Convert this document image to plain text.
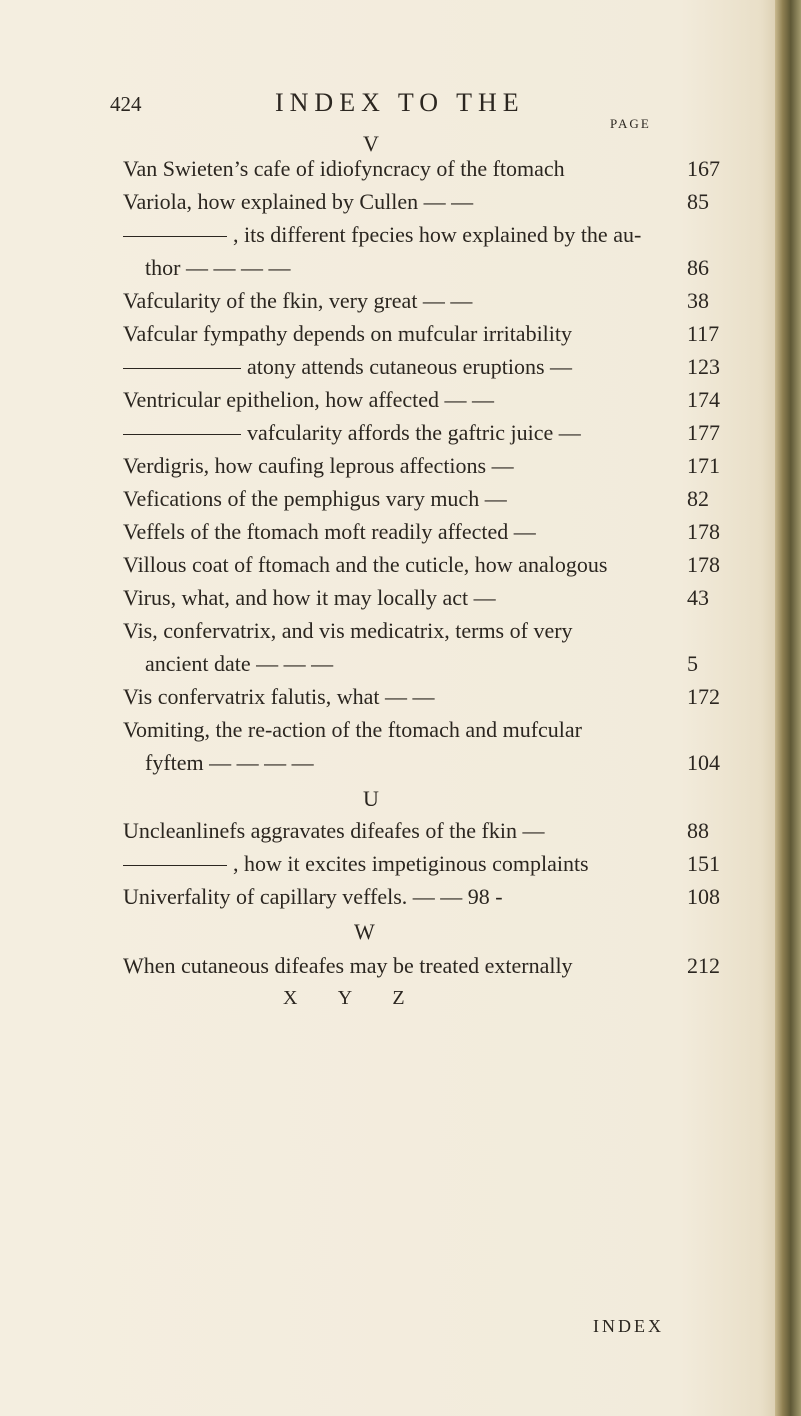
424	INDEX TO THE
PAGE
V
Van Swieten’s cafe of idiofyncracy of the ftomach	167
Variola, how explained by Cullen — —	85
, its different fpecies how explained by the au-
thor — — — —	86
Vafcularity of the fkin, very great — —	38
Vafcular fympathy depends on mufcular irritability	117
atony attends cutaneous eruptions —	123
Ventricular epithelion, how affected — —	174
vafcularity affords the gaftric juice —	177
Verdigris, how caufing leprous affections —	171
Vefications of the pemphigus vary much —	82
Veffels of the ftomach moft readily affected —	178
Villous coat of ftomach and the cuticle, how analogous	178
Virus, what, and how it may locally act —	43
Vis, confervatrix, and vis medicatrix, terms of very
ancient date — — —	5
Vis confervatrix falutis, what — —	172
Vomiting, the re-action of the ftomach and mufcular
fyftem — — — —	104
U
Uncleanlinefs aggravates difeafes of the fkin —	88
, how it excites impetiginous complaints	151
Univerfality of capillary veffels. — — 98 -	108
W
When cutaneous difeafes may be treated externally	212
X Y Z
INDEX
